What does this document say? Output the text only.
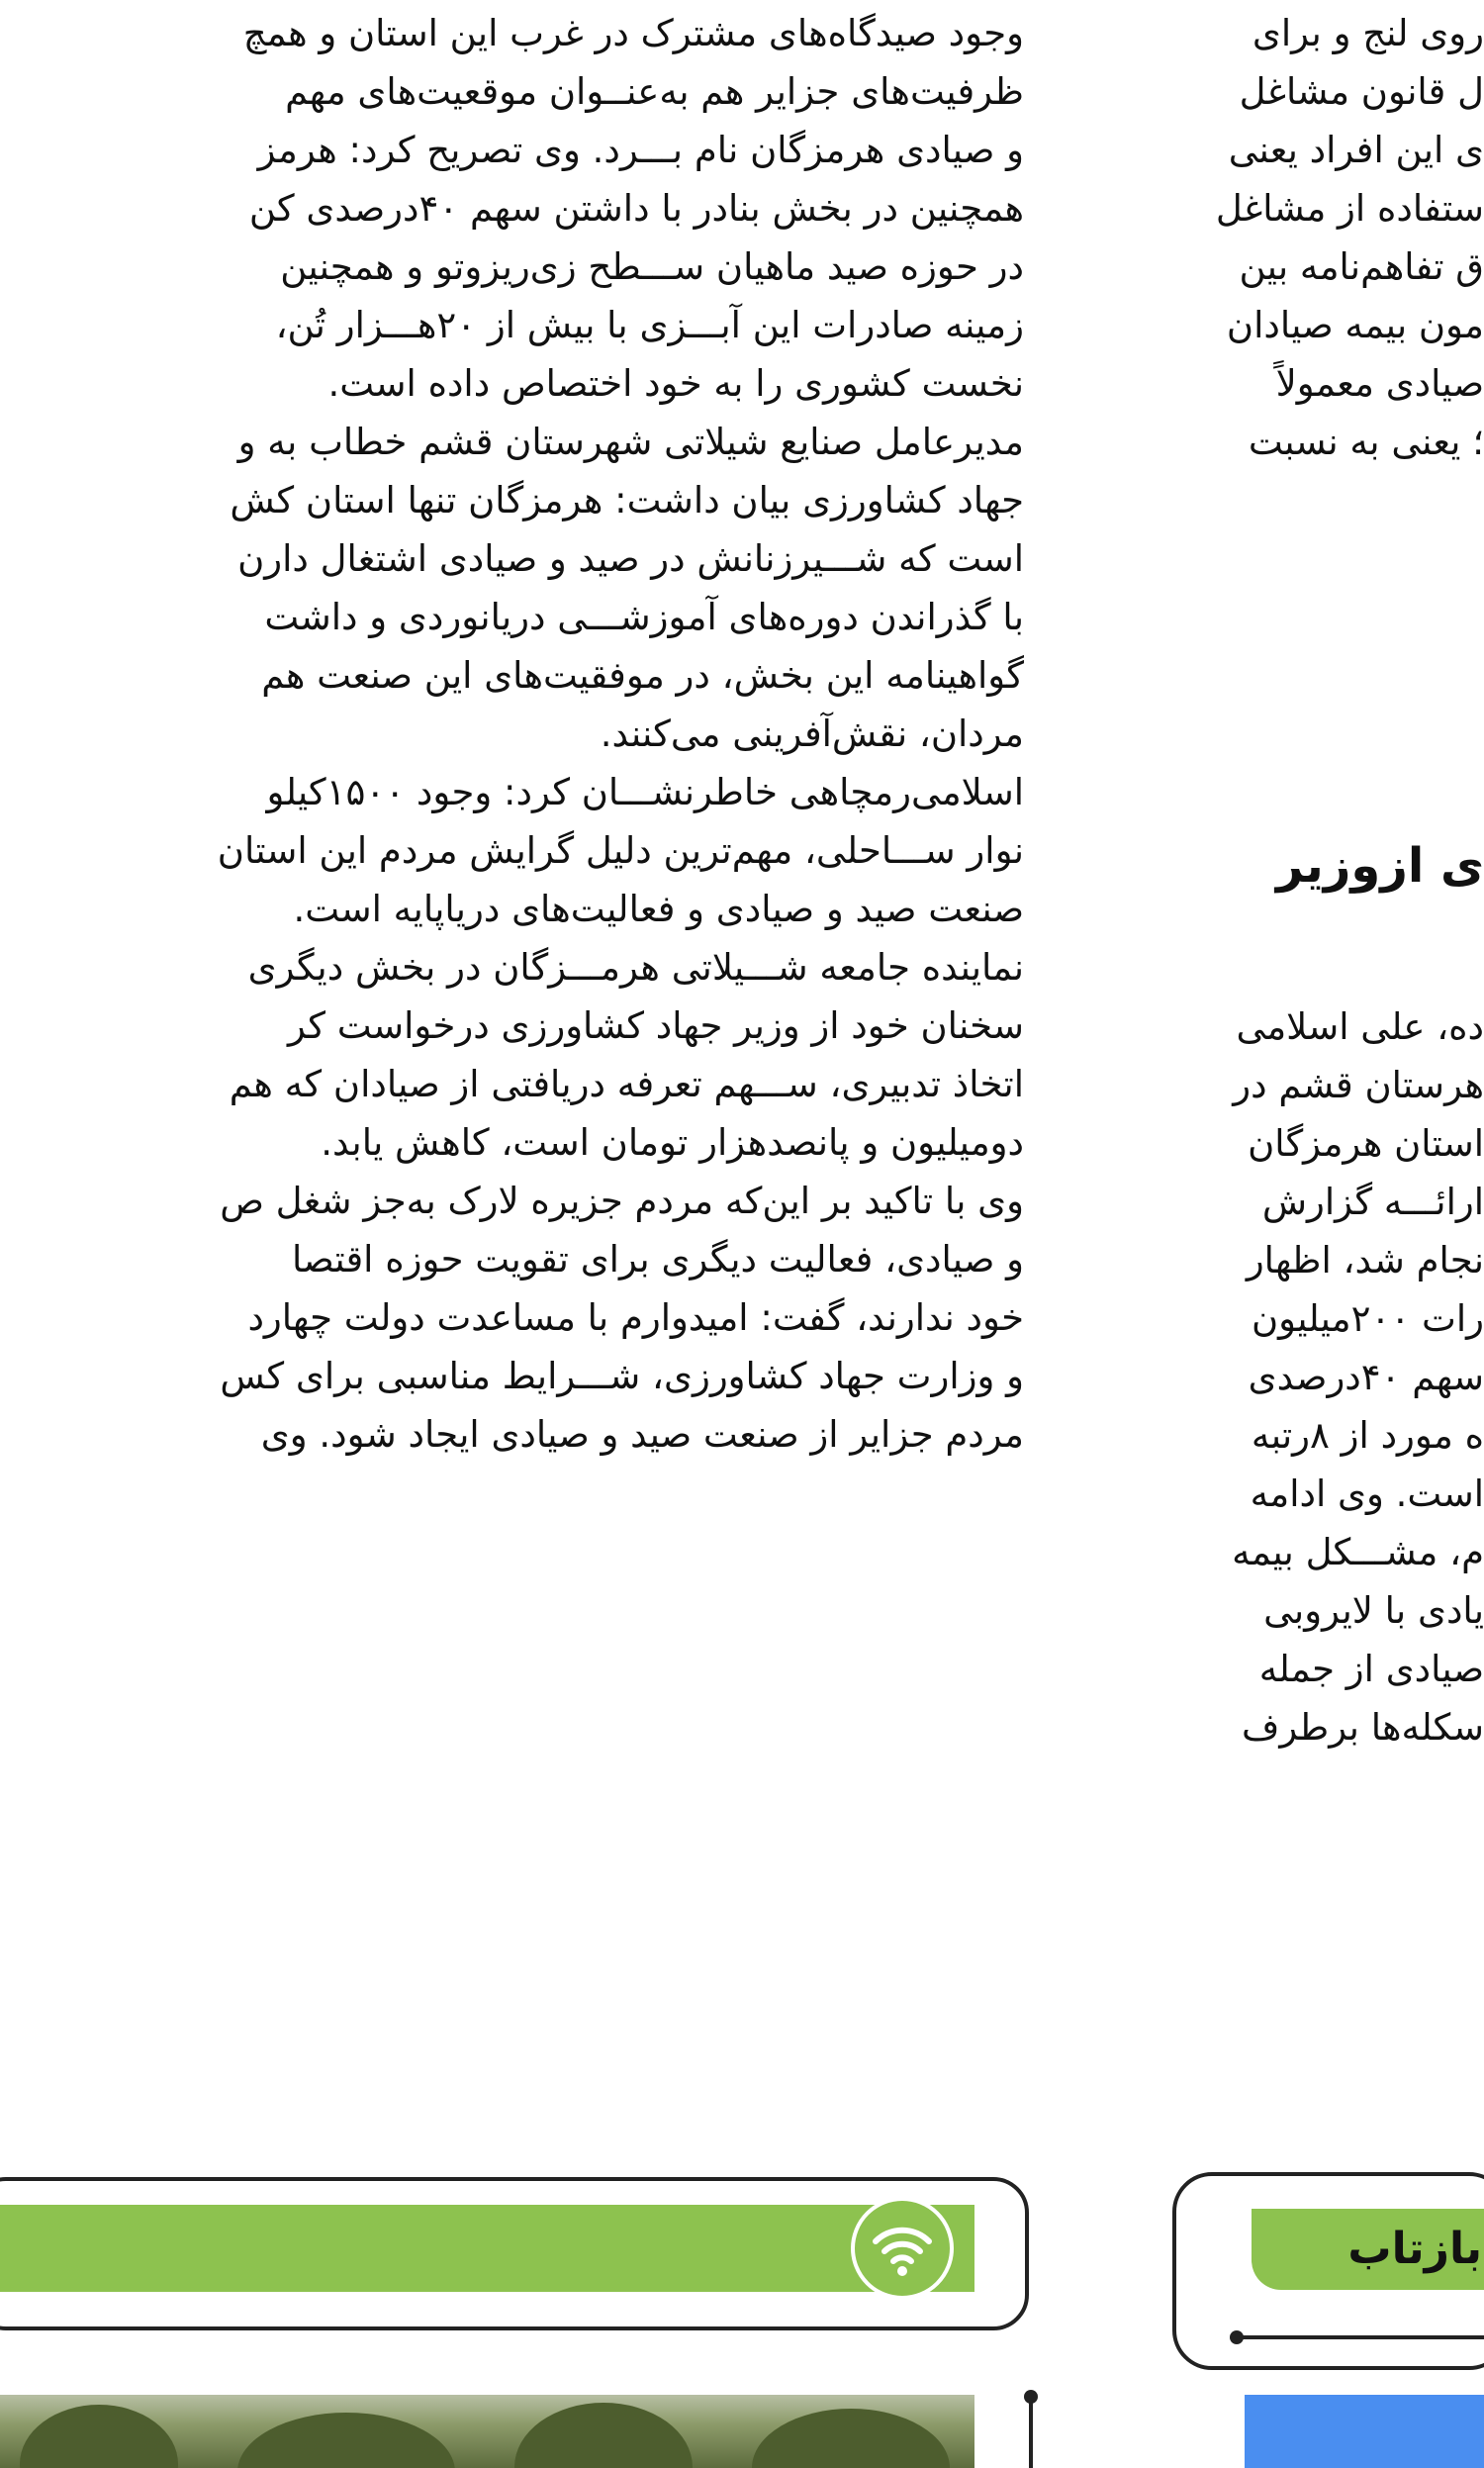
وجود صیدگاه‌های مشترک در غرب این استان و همچ
ظرفیت‌های جزایر هم به‌عنــوان موقعیت‌های مهم
و صیادی هرمزگان نام بـــرد. وی تصریح کرد: هرمز
همچنین در بخش بنادر با داشتن سهم ۴۰درصدی کن
در حوزه صید ماهیان ســـطح زی‌ریزوتو و همچنین
زمینه صادرات این آبـــزی با بیش از ۲۰هـــزار تُن،
نخست کشوری را به خود اختصاص داده است.
مدیرعامل صنایع شیلاتی شهرستان قشم خطاب به و
جهاد کشاورزی بیان داشت: هرمزگان تنها استان کش
است که شـــیرزنانش در صید و صیادی اشتغال دارن
با گذراندن دوره‌های آموزشـــی دریانوردی و داشت
گواهینامه این بخش، در موفقیت‌های این صنعت هم
مردان، نقش‌آفرینی می‌کنند.
اسلامی‌رمچاهی خاطرنشـــان کرد: وجود ۱۵۰۰کیلو
نوار ســـاحلی، مهم‌ترین دلیل گرایش مردم این استان
صنعت صید و صیادی و فعالیت‌های دریاپایه است.
نماینده جامعه شـــیلاتی هرمـــزگان در بخش دیگری
سخنان خود از وزیر جهاد کشاورزی درخواست کر
اتخاذ تدبیری، ســـهم تعرفه دریافتی از صیادان که هم
دومیلیون و پانصدهزار تومان است، کاهش یابد.
وی با تاکید بر این‌که مردم جزیره لارک به‌جز شغل ص
و صیادی، فعالیت دیگری برای تقویت حوزه اقتصا
خود ندارند، گفت: امیدوارم با مساعدت دولت چهارد
و وزارت جهاد کشاورزی، شـــرایط مناسبی برای کس
مردم جزایر از صنعت صید و صیادی ایجاد شود. وی
روی لنج و برای
ل قانون مشاغل
ی این افراد یعنی
ستفاده از مشاغل
ق تفاهم‌نامه بین
مون بیمه صیادان
صیادی معمولاً
؛ یعنی به نسبت
ی ازوزیر
ده، علی اسلامی
هرستان قشم در
استان هرمزگان
ارائـــه گزارش
نجام شد، اظهار
رات ۲۰۰میلیون
سهم ۴۰درصدی
ه مورد از ۸رتبه
است. وی ادامه
م، مشـــکل بیمه
یادی با لایروبی
صیادی از جمله
سکله‌ها برطرف
بازتاب
